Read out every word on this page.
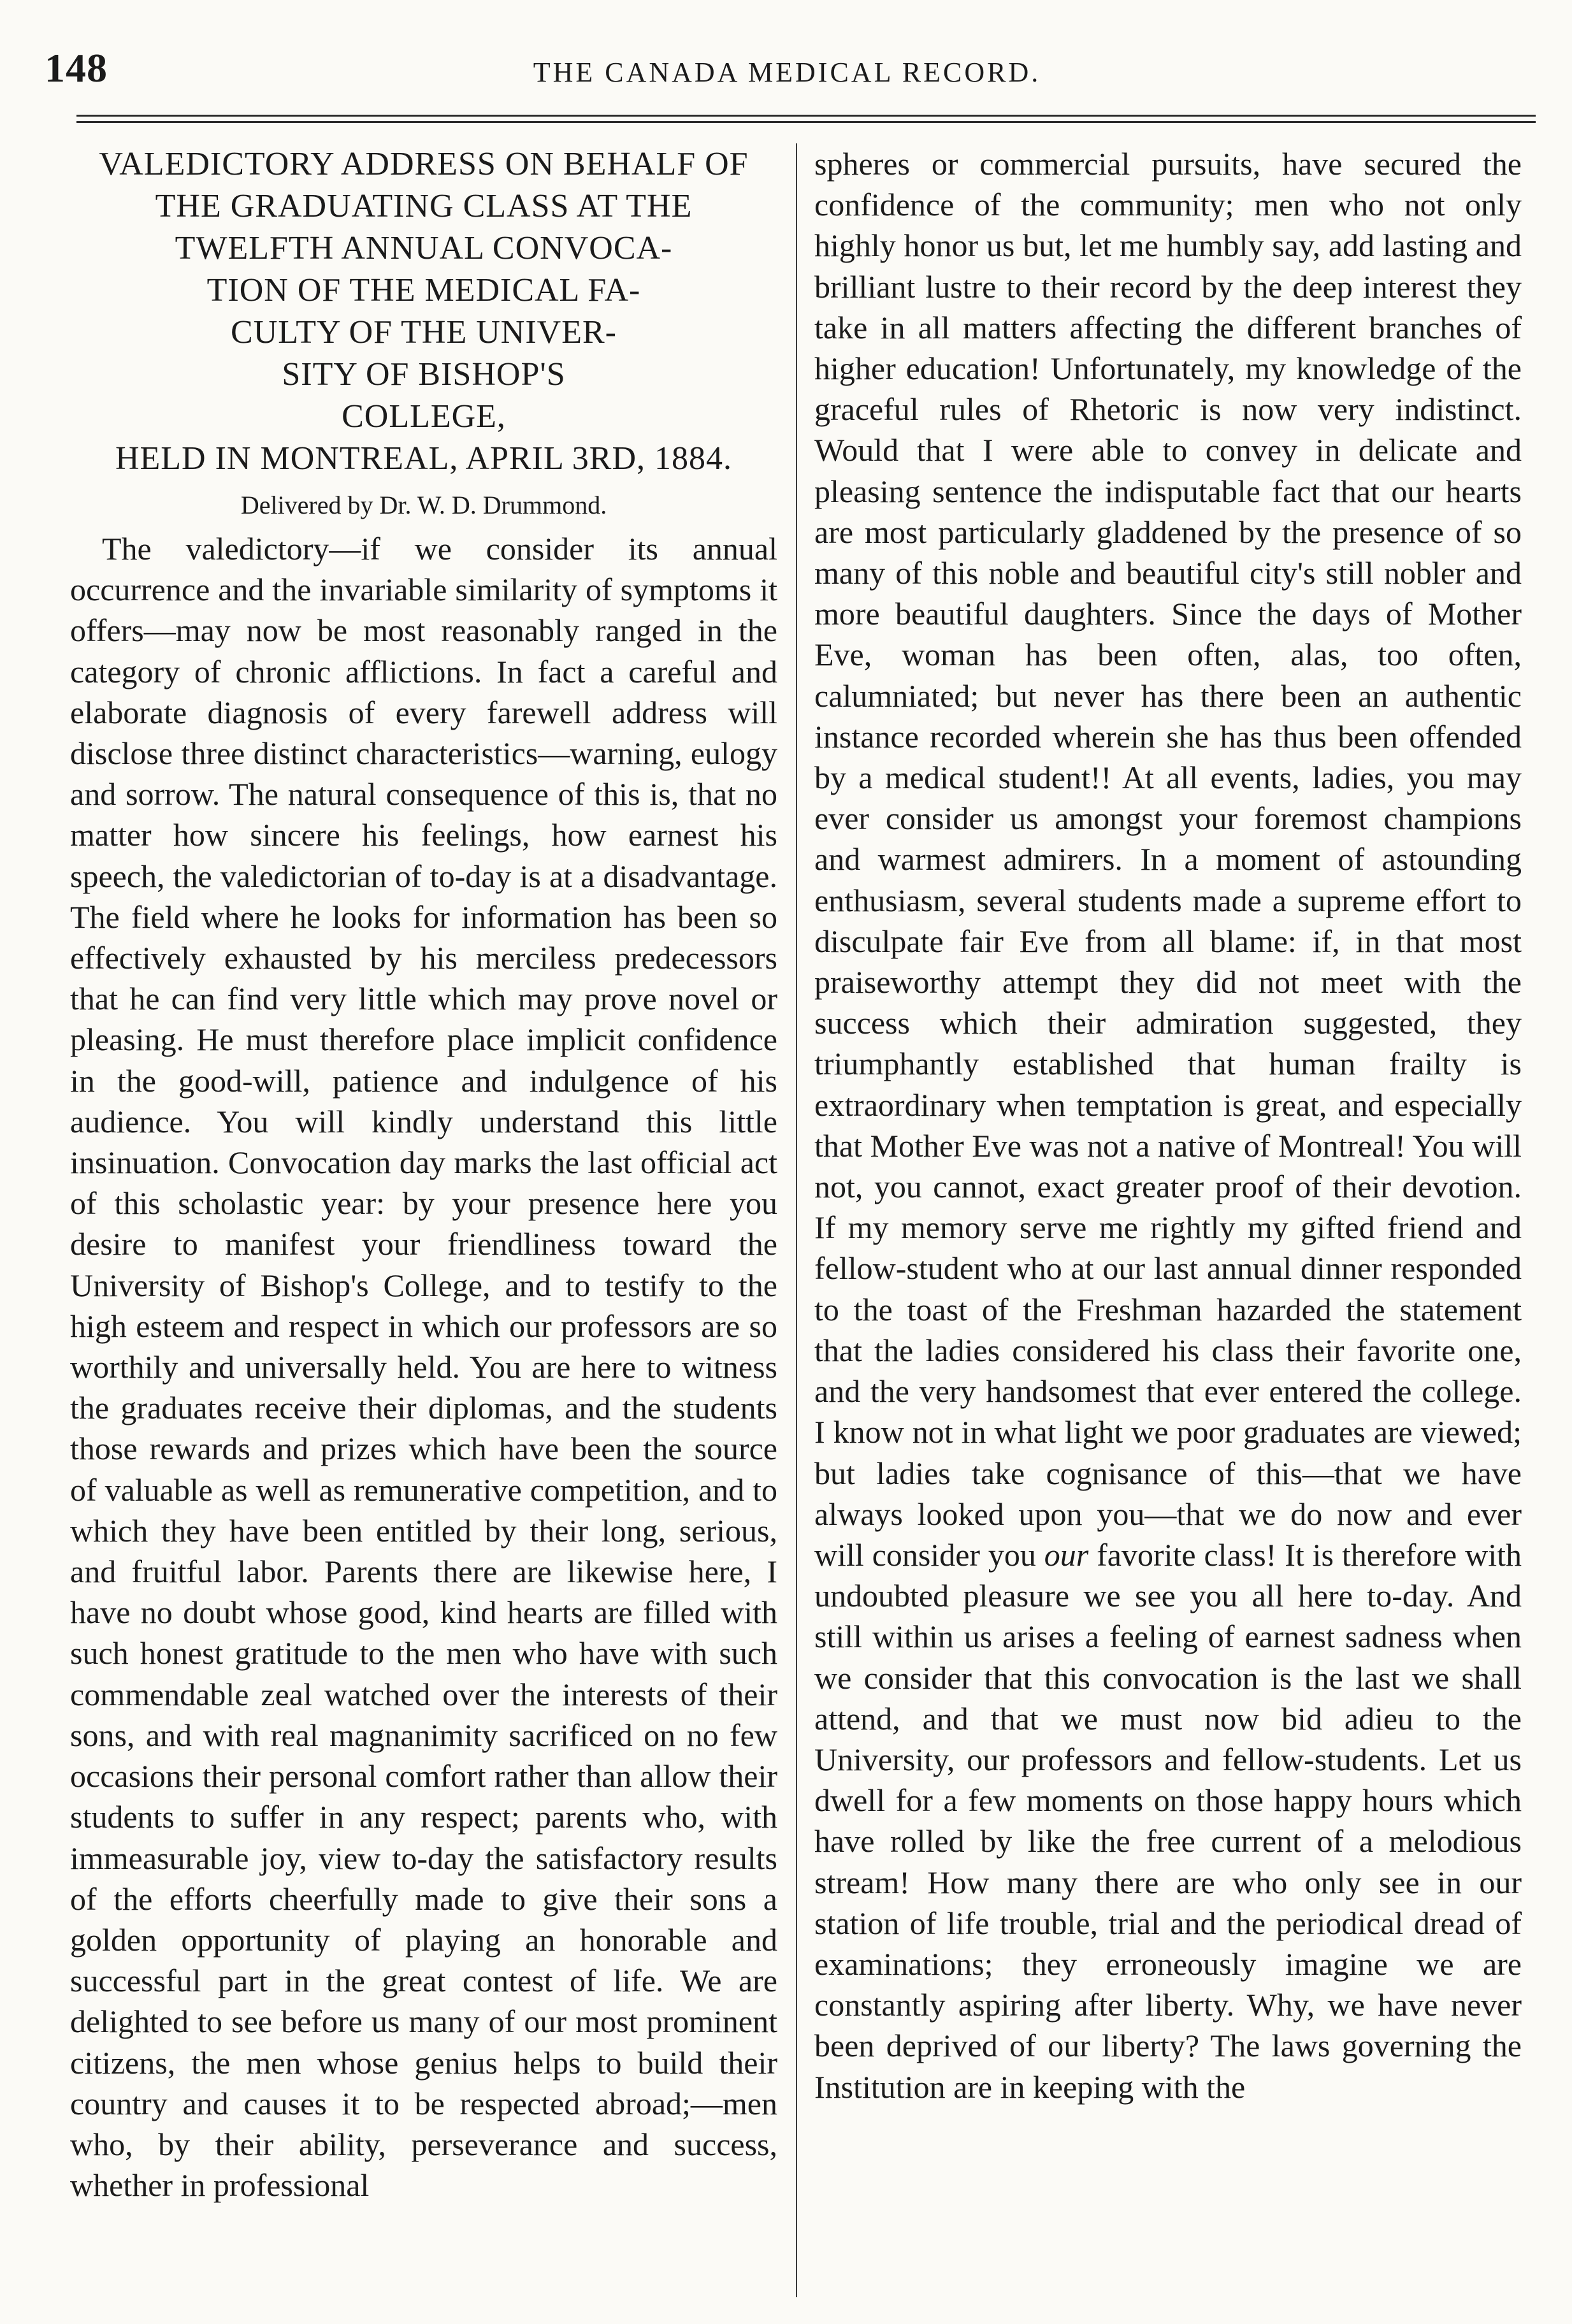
148	THE CANADA MEDICAL RECORD.
VALEDICTORY ADDRESS ON BEHALF OF
THE GRADUATING CLASS AT THE
TWELFTH ANNUAL CONVOCA-
TION OF THE MEDICAL FA-
CULTY OF THE UNIVER-
SITY OF BISHOP'S
COLLEGE,
HELD IN MONTREAL, APRIL 3RD, 1884.
Delivered by Dr. W. D. Drummond.

The valedictory—if we consider its annual occurrence and the invariable similarity of symptoms it offers—may now be most reasonably ranged in the category of chronic afflictions. In fact a careful and elaborate diagnosis of every farewell address will disclose three distinct characteristics—warning, eulogy and sorrow. The natural consequence of this is, that no matter how sincere his feelings, how earnest his speech, the valedictorian of to-day is at a disadvantage. The field where he looks for information has been so effectively exhausted by his merciless predecessors that he can find very little which may prove novel or pleasing. He must therefore place implicit confidence in the good-will, patience and indulgence of his audience. You will kindly understand this little insinuation. Convocation day marks the last official act of this scholastic year: by your presence here you desire to manifest your friendliness toward the University of Bishop's College, and to testify to the high esteem and respect in which our professors are so worthily and universally held. You are here to witness the graduates receive their diplomas, and the students those rewards and prizes which have been the source of valuable as well as remunerative competition, and to which they have been entitled by their long, serious, and fruitful labor. Parents there are likewise here, I have no doubt whose good, kind hearts are filled with such honest gratitude to the men who have with such commendable zeal watched over the interests of their sons, and with real magnanimity sacrificed on no few occasions their personal comfort rather than allow their students to suffer in any respect; parents who, with immeasurable joy, view to-day the satisfactory results of the efforts cheerfully made to give their sons a golden opportunity of playing an honorable and successful part in the great contest of life. We are delighted to see before us many of our most prominent citizens, the men whose genius helps to build their country and causes it to be respected abroad;—men who, by their ability, perseverance and success, whether in professional

spheres or commercial pursuits, have secured the confidence of the community; men who not only highly honor us but, let me humbly say, add lasting and brilliant lustre to their record by the deep interest they take in all matters affecting the different branches of higher education! Unfortunately, my knowledge of the graceful rules of Rhetoric is now very indistinct. Would that I were able to convey in delicate and pleasing sentence the indisputable fact that our hearts are most particularly gladdened by the presence of so many of this noble and beautiful city's still nobler and more beautiful daughters. Since the days of Mother Eve, woman has been often, alas, too often, calumniated; but never has there been an authentic instance recorded wherein she has thus been offended by a medical student!! At all events, ladies, you may ever consider us amongst your foremost champions and warmest admirers. In a moment of astounding enthusiasm, several students made a supreme effort to disculpate fair Eve from all blame: if, in that most praiseworthy attempt they did not meet with the success which their admiration suggested, they triumphantly established that human frailty is extraordinary when temptation is great, and especially that Mother Eve was not a native of Montreal! You will not, you cannot, exact greater proof of their devotion. If my memory serve me rightly my gifted friend and fellow-student who at our last annual dinner responded to the toast of the Freshman hazarded the statement that the ladies considered his class their favorite one, and the very handsomest that ever entered the college. I know not in what light we poor graduates are viewed; but ladies take cognisance of this—that we have always looked upon you—that we do now and ever will consider you our favorite class! It is therefore with undoubted pleasure we see you all here to-day. And still within us arises a feeling of earnest sadness when we consider that this convocation is the last we shall attend, and that we must now bid adieu to the University, our professors and fellow-students. Let us dwell for a few moments on those happy hours which have rolled by like the free current of a melodious stream! How many there are who only see in our station of life trouble, trial and the periodical dread of examinations; they erroneously imagine we are constantly aspiring after liberty. Why, we have never been deprived of our liberty? The laws governing the Institution are in keeping with the
